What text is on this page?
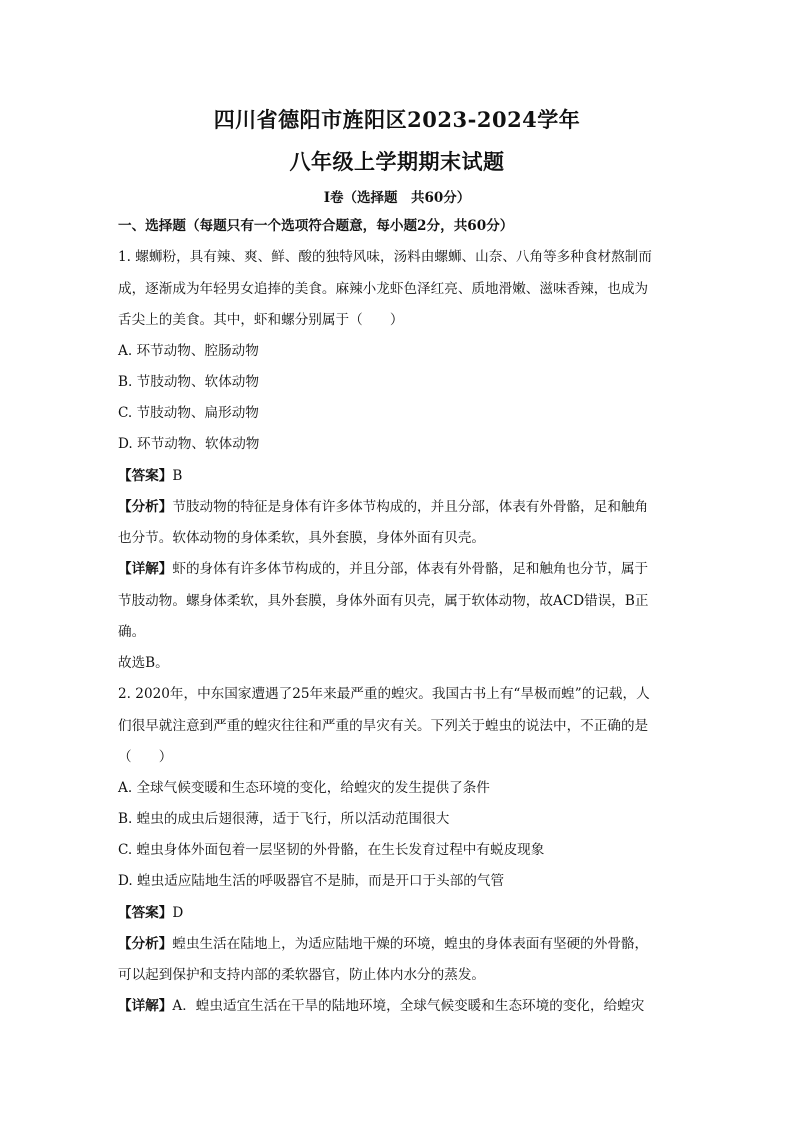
四川省德阳市旌阳区2023-2024学年
八年级上学期期末试题
Ⅰ卷（选择题　共60分）
一、选择题（每题只有一个选项符合题意，每小题2分，共60分）
1. 螺蛳粉，具有辣、爽、鲜、酸的独特风味，汤料由螺蛳、山奈、八角等多种食材熬制而
成，逐渐成为年轻男女追捧的美食。麻辣小龙虾色泽红亮、质地滑嫩、滋味香辣，也成为
舌尖上的美食。其中，虾和螺分别属于（　　）
A. 环节动物、腔肠动物
B. 节肢动物、软体动物
C. 节肢动物、扁形动物
D. 环节动物、软体动物
【答案】B
【分析】节肢动物的特征是身体有许多体节构成的，并且分部，体表有外骨骼，足和触角
也分节。软体动物的身体柔软，具外套膜，身体外面有贝壳。
【详解】虾的身体有许多体节构成的，并且分部，体表有外骨骼，足和触角也分节，属于
节肢动物。螺身体柔软，具外套膜，身体外面有贝壳，属于软体动物，故ACD错误，B正
确。
故选B。
2. 2020年，中东国家遭遇了25年来最严重的蝗灾。我国古书上有“旱极而蝗”的记载，人
们很早就注意到严重的蝗灾往往和严重的旱灾有关。下列关于蝗虫的说法中，不正确的是
（　　）
A. 全球气候变暖和生态环境的变化，给蝗灾的发生提供了条件
B. 蝗虫的成虫后翅很薄，适于飞行，所以活动范围很大
C. 蝗虫身体外面包着一层坚韧的外骨骼，在生长发育过程中有蜕皮现象
D. 蝗虫适应陆地生活的呼吸器官不是肺，而是开口于头部的气管
【答案】D
【分析】蝗虫生活在陆地上，为适应陆地干燥的环境，蝗虫的身体表面有坚硬的外骨骼，
可以起到保护和支持内部的柔软器官，防止体内水分的蒸发。
【详解】A．蝗虫适宜生活在干旱的陆地环境，全球气候变暖和生态环境的变化，给蝗灾
